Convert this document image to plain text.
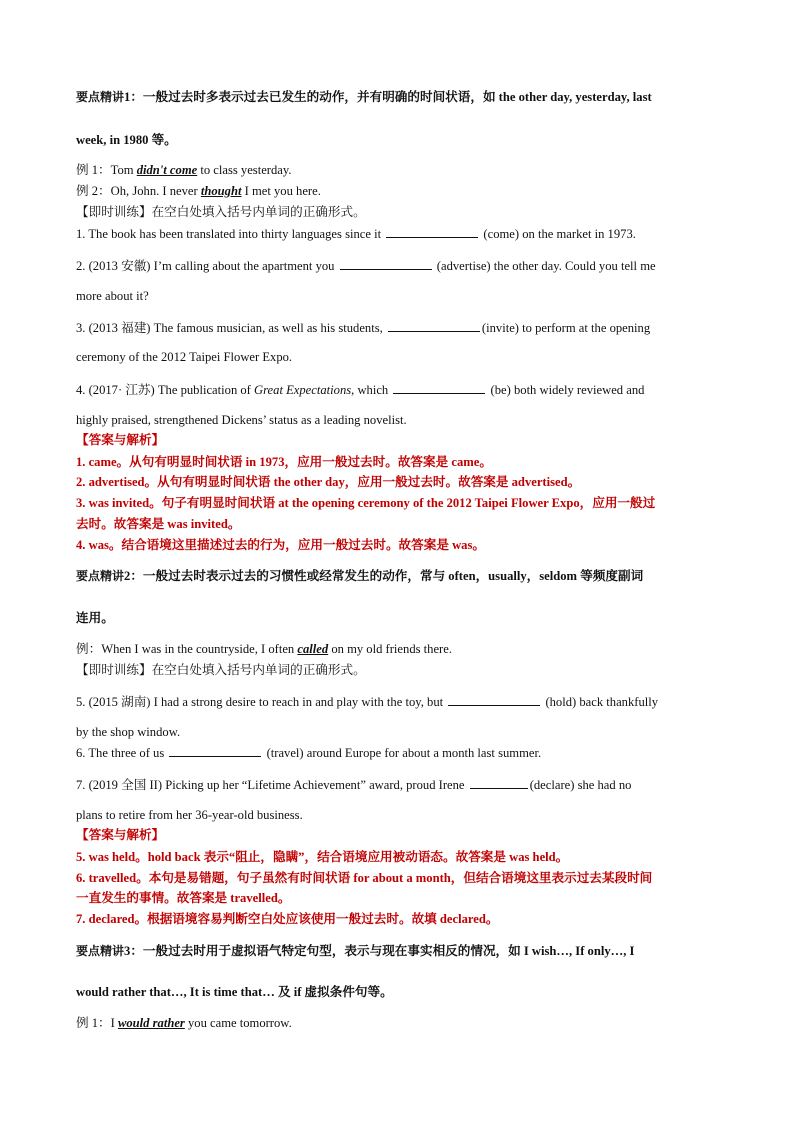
要点精讲1：一般过去时多表示过去已发生的动作，并有明确的时间状语，如 the other day, yesterday, last
week, in 1980 等。
例 1：Tom didn't come to class yesterday.
例 2：Oh, John. I never thought I met you here.
【即时训练】在空白处填入括号内单词的正确形式。
1. The book has been translated into thirty languages since it	(come) on the market in 1973.
2. (2013 安徽) I’m calling about the apartment you	(advertise) the other day. Could you tell me
more about it?
3. (2013 福建) The famous musician, as well as his students,	(invite) to perform at the opening
ceremony of the 2012 Taipei Flower Expo.
4. (2017· 江苏) The publication of Great Expectations, which	(be) both widely reviewed and
highly praised, strengthened Dickens’ status as a leading novelist.
【答案与解析】
1. came。从句有明显时间状语 in 1973，应用一般过去时。故答案是 came。
2. advertised。从句有明显时间状语 the other day，应用一般过去时。故答案是 advertised。
3. was invited。句子有明显时间状语 at the opening ceremony of the 2012 Taipei Flower Expo，应用一般过
去时。故答案是 was invited。
4. was。结合语境这里描述过去的行为，应用一般过去时。故答案是 was。
要点精讲2：一般过去时表示过去的习惯性或经常发生的动作，常与 often，usually，seldom 等频度副词
连用。
例：When I was in the countryside, I often called on my old friends there.
【即时训练】在空白处填入括号内单词的正确形式。
5. (2015 湖南) I had a strong desire to reach in and play with the toy, but	(hold) back thankfully
by the shop window.
6. The three of us	(travel) around Europe for about a month last summer.
7. (2019 全国 II) Picking up her “Lifetime Achievement” award, proud Irene	(declare) she had no
plans to retire from her 36-year-old business.
【答案与解析】
5. was held。hold back 表示“阻止，隐瞒”，结合语境应用被动语态。故答案是 was held。
6. travelled。本句是易错题，句子虽然有时间状语 for about a month，但结合语境这里表示过去某段时间
一直发生的事情。故答案是 travelled。
7. declared。根据语境容易判断空白处应该使用一般过去时。故填 declared。
要点精讲3：一般过去时用于虚拟语气特定句型，表示与现在事实相反的情况，如 I wish…, If only…, I
would rather that…, It is time that… 及 if 虚拟条件句等。
例 1：I would rather you came tomorrow.
